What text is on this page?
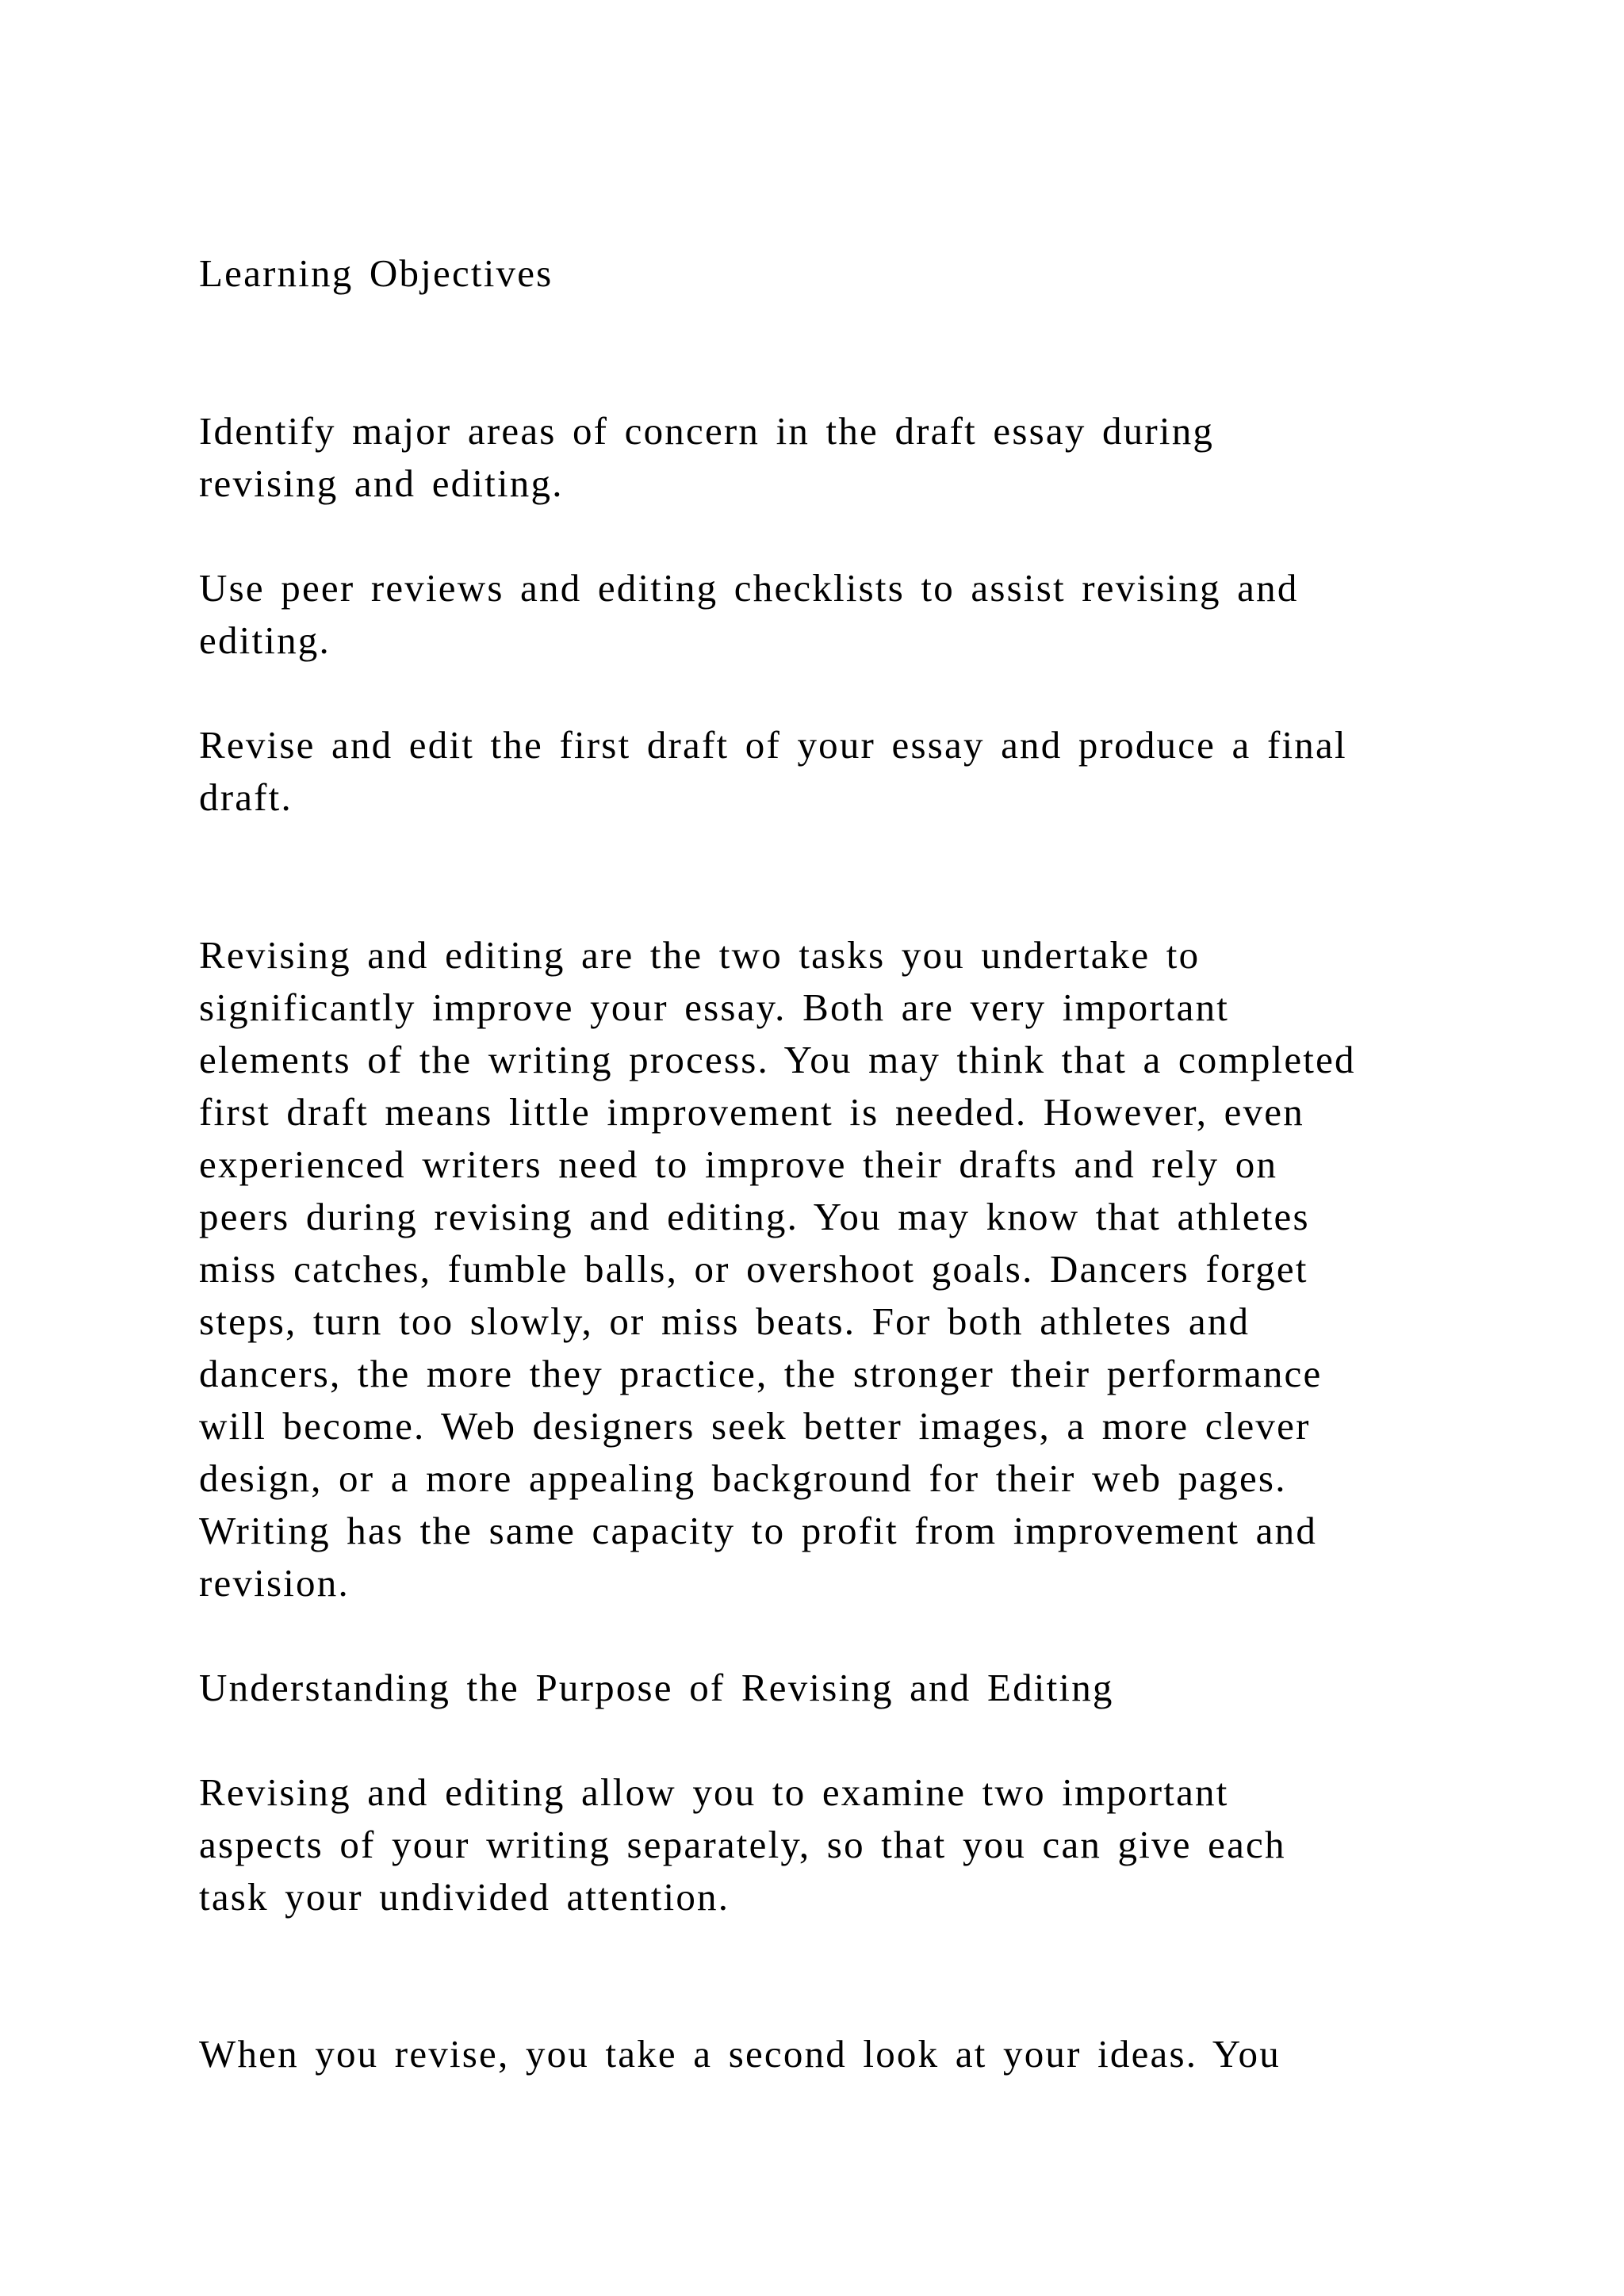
Learning Objectives

Identify major areas of concern in the draft essay during

revising and editing.

Use peer reviews and editing checklists to assist revising and

editing.

Revise and edit the first draft of your essay and produce a final

draft.

Revising and editing are the two tasks you undertake to

significantly improve your essay. Both are very important

elements of the writing process. You may think that a completed

first draft means little improvement is needed. However, even

experienced writers need to improve their drafts and rely on

peers during revising and editing. You may know that athletes

miss catches, fumble balls, or overshoot goals. Dancers forget

steps, turn too slowly, or miss beats. For both athletes and

dancers, the more they practice, the stronger their performance

will become. Web designers seek better images, a more clever

design, or a more appealing background for their web pages.

Writing has the same capacity to profit from improvement and

revision.

Understanding the Purpose of Revising and Editing

Revising and editing allow you to examine two important

aspects of your writing separately, so that you can give each

task your undivided attention.

When you revise, you take a second look at your ideas. You
